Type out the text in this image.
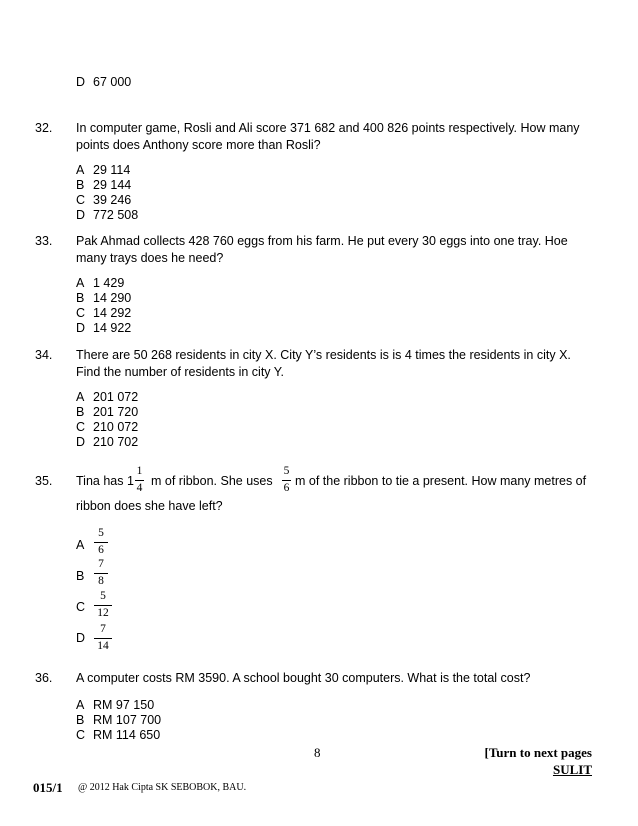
D 67 000
32. In computer game, Rosli and Ali score 371 682 and 400 826 points respectively. How many
points does Anthony score more than Rosli?
A 29 114
B 29 144
C 39 246
D 772 508
33. Pak Ahmad collects 428 760 eggs from his farm. He put every 30 eggs into one tray. Hoe
many trays does he need?
A 1 429
B 14 290
C 14 292
D 14 922
34. There are 50 268 residents in city X. City Y’s residents is is 4 times the residents in city X.
Find the number of residents in city Y.
A 201 072
B 201 720
C 210 072
D 210 702
35. Tina has 1
1
4 m of ribbon. She uses
5
6 m of the ribbon to tie a present. How many metres of
ribbon does she have left?
A
5
6
B
7
8
C
5
12
D
7
14
36. A computer costs RM 3590. A school bought 30 computers. What is the total cost?
A RM 97 150
B RM 107 700
C RM 114 650
8	[Turn to next pages
SULIT
015/1 @ 2012 Hak Cipta SK SEBOBOK, BAU.
